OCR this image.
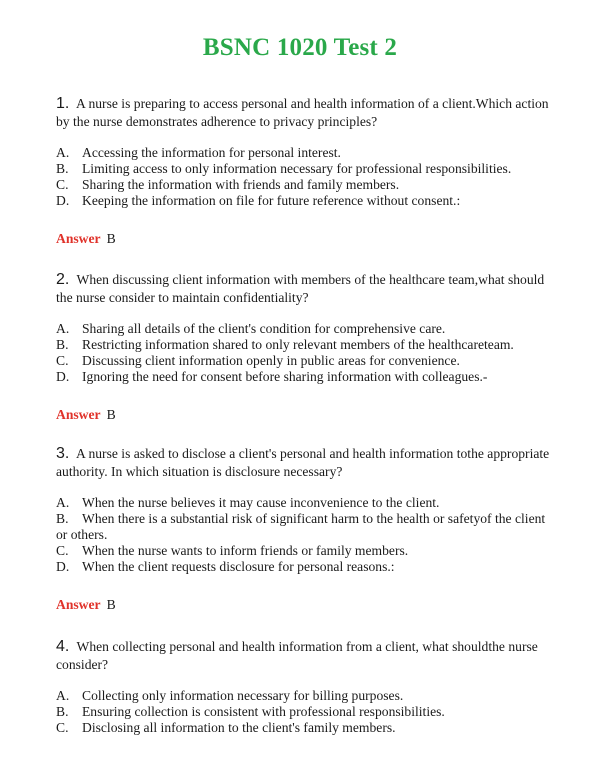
BSNC 1020 Test 2

1. A nurse is preparing to access personal and health information of a client.Which action by the nurse demonstrates adherence to privacy principles?

A. Accessing the information for personal interest.
B. Limiting access to only information necessary for professional responsibilities.
C. Sharing the information with friends and family members.
D. Keeping the information on file for future reference without consent.:
Answer B

2. When discussing client information with members of the healthcare team,what should the nurse consider to maintain confidentiality?

A. Sharing all details of the client's condition for comprehensive care.
B. Restricting information shared to only relevant members of the healthcareteam.
C. Discussing client information openly in public areas for convenience.
D. Ignoring the need for consent before sharing information with colleagues.-
Answer B

3. A nurse is asked to disclose a client's personal and health information tothe appropriate authority. In which situation is disclosure necessary?

A. When the nurse believes it may cause inconvenience to the client.
B. When there is a substantial risk of significant harm to the health or safetyof the client or others.
C. When the nurse wants to inform friends or family members.
D. When the client requests disclosure for personal reasons.:
Answer B

4. When collecting personal and health information from a client, what shouldthe nurse consider?

A. Collecting only information necessary for billing purposes.
B. Ensuring collection is consistent with professional responsibilities.
C. Disclosing all information to the client's family members.
